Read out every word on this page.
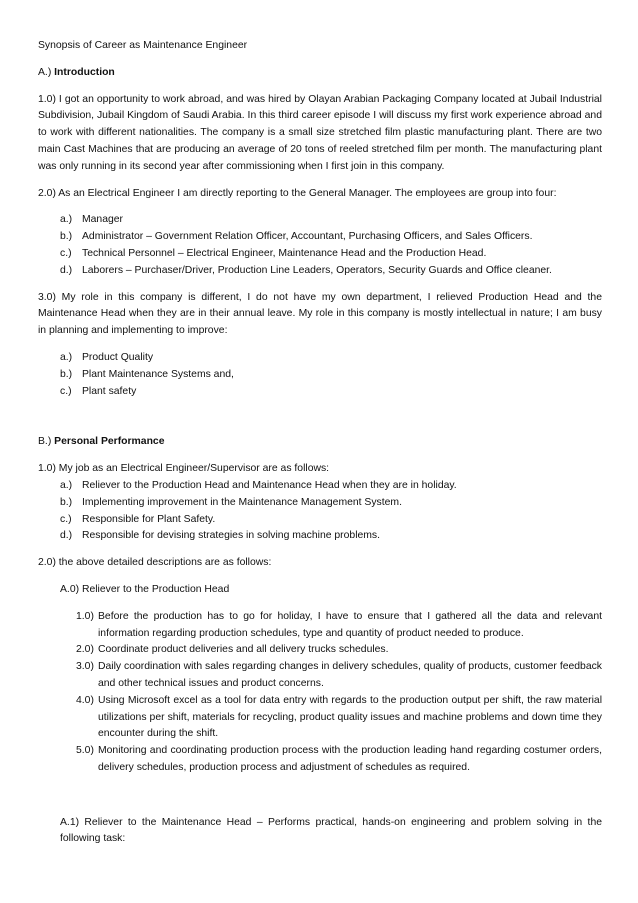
Synopsis of Career as Maintenance Engineer

A.) Introduction

1.0) I got an opportunity to work abroad, and was hired by Olayan Arabian Packaging Company located at Jubail Industrial Subdivision, Jubail Kingdom of Saudi Arabia. In this third career episode I will discuss my first work experience abroad and to work with different nationalities. The company is a small size stretched film plastic manufacturing plant. There are two main Cast Machines that are producing an average of 20 tons of reeled stretched film per month. The manufacturing plant was only running in its second year after commissioning when I first join in this company.

2.0) As an Electrical Engineer I am directly reporting to the General Manager. The employees are group into four:

a.) Manager
b.) Administrator – Government Relation Officer, Accountant, Purchasing Officers, and Sales Officers.
c.) Technical Personnel – Electrical Engineer, Maintenance Head and the Production Head.
d.) Laborers – Purchaser/Driver, Production Line Leaders, Operators, Security Guards and Office cleaner.

3.0) My role in this company is different, I do not have my own department, I relieved Production Head and the Maintenance Head when they are in their annual leave. My role in this company is mostly intellectual in nature; I am busy in planning and implementing to improve:

a.) Product Quality
b.) Plant Maintenance Systems and,
c.) Plant safety

B.) Personal Performance

1.0) My job as an Electrical Engineer/Supervisor are as follows:

a.) Reliever to the Production Head and Maintenance Head when they are in holiday.
b.) Implementing improvement in the Maintenance Management System.
c.) Responsible for Plant Safety.
d.) Responsible for devising strategies in solving machine problems.

2.0) the above detailed descriptions are as follows:

A.0) Reliever to the Production Head

1.0) Before the production has to go for holiday, I have to ensure that I gathered all the data and relevant information regarding production schedules, type and quantity of product needed to produce.
2.0) Coordinate product deliveries and all delivery trucks schedules.
3.0) Daily coordination with sales regarding changes in delivery schedules, quality of products, customer feedback and other technical issues and product concerns.
4.0) Using Microsoft excel as a tool for data entry with regards to the production output per shift, the raw material utilizations per shift, materials for recycling, product quality issues and machine problems and down time they encounter during the shift.
5.0) Monitoring and coordinating production process with the production leading hand regarding costumer orders, delivery schedules, production process and adjustment of schedules as required.

A.1) Reliever to the Maintenance Head – Performs practical, hands-on engineering and problem solving in the following task:
